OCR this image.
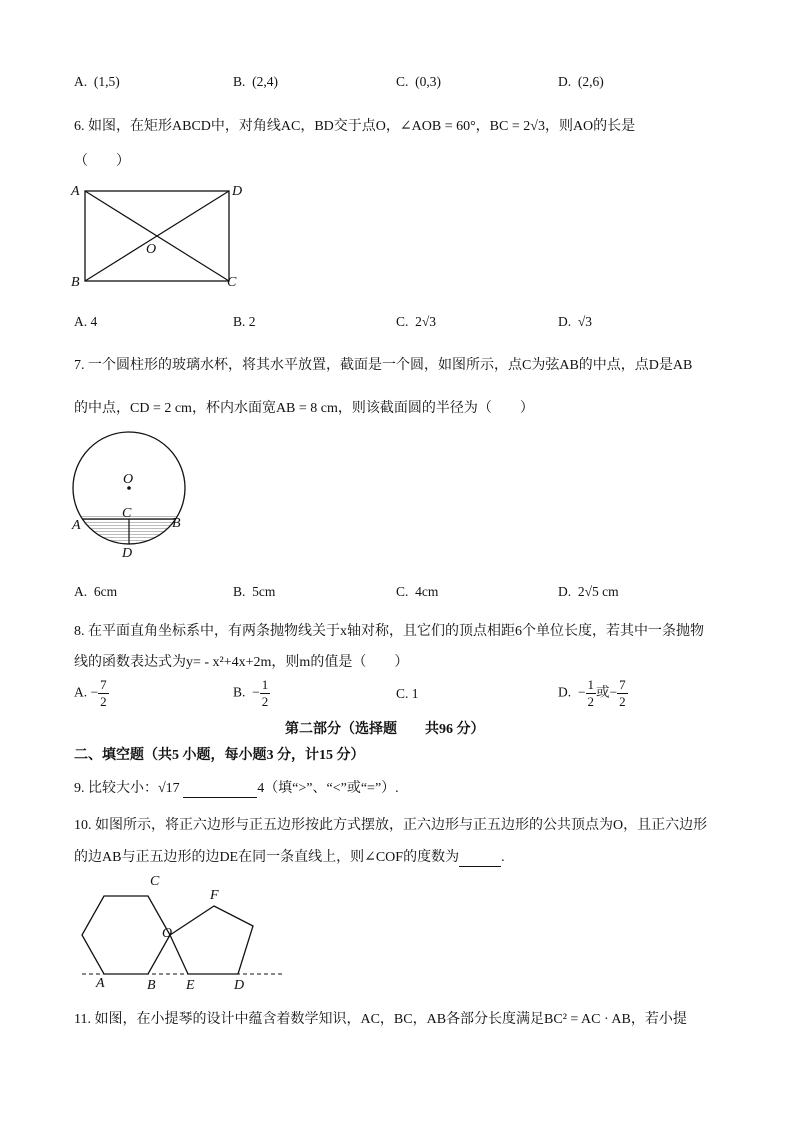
A. (1,5)	B. (2,4)	C. (0,3)	D. (2,6)
6. 如图，在矩形ABCD中，对角线AC，BD交于点O，∠AOB = 60°，BC = 2√3，则AO的长是
（　　）
A	D
B	C
O
A. 4	B. 2	C. 2√3	D. √3
7. 一个圆柱形的玻璃水杯，将其水平放置，截面是一个圆，如图所示，点C为弦AB的中点，点D是AB
的中点，CD = 2 cm，杯内水面宽AB = 8 cm，则该截面圆的半径为（　　）
O
A	B
C
D
A. 6cm	B. 5cm	C. 4cm	D. 2√5 cm
8. 在平面直角坐标系中，有两条抛物线关于x轴对称，且它们的顶点相距6个单位长度，若其中一条抛物
线的函数表达式为y= - x²+4x+2m，则m的值是（　　）
A. − $\frac{7}{2}$	B. − $\frac{1}{2}$	C. 1	D. − $\frac{1}{2}$ 或− $\frac{7}{2}$
第二部分（选择题　　共96 分）
二、填空题（共5 小题，每小题3 分，计15 分）
9. 比较大小：√17	4（填“>”、“<”或“=”）.
10. 如图所示，将正六边形与正五边形按此方式摆放，正六边形与正五边形的公共顶点为O，且正六边形
的边AB与正五边形的边DE在同一条直线上，则∠COF的度数为	.
C
F
O
A	B E	D
11. 如图，在小提琴的设计中蕴含着数学知识，AC，BC，AB各部分长度满足BC² = AC · AB，若小提
